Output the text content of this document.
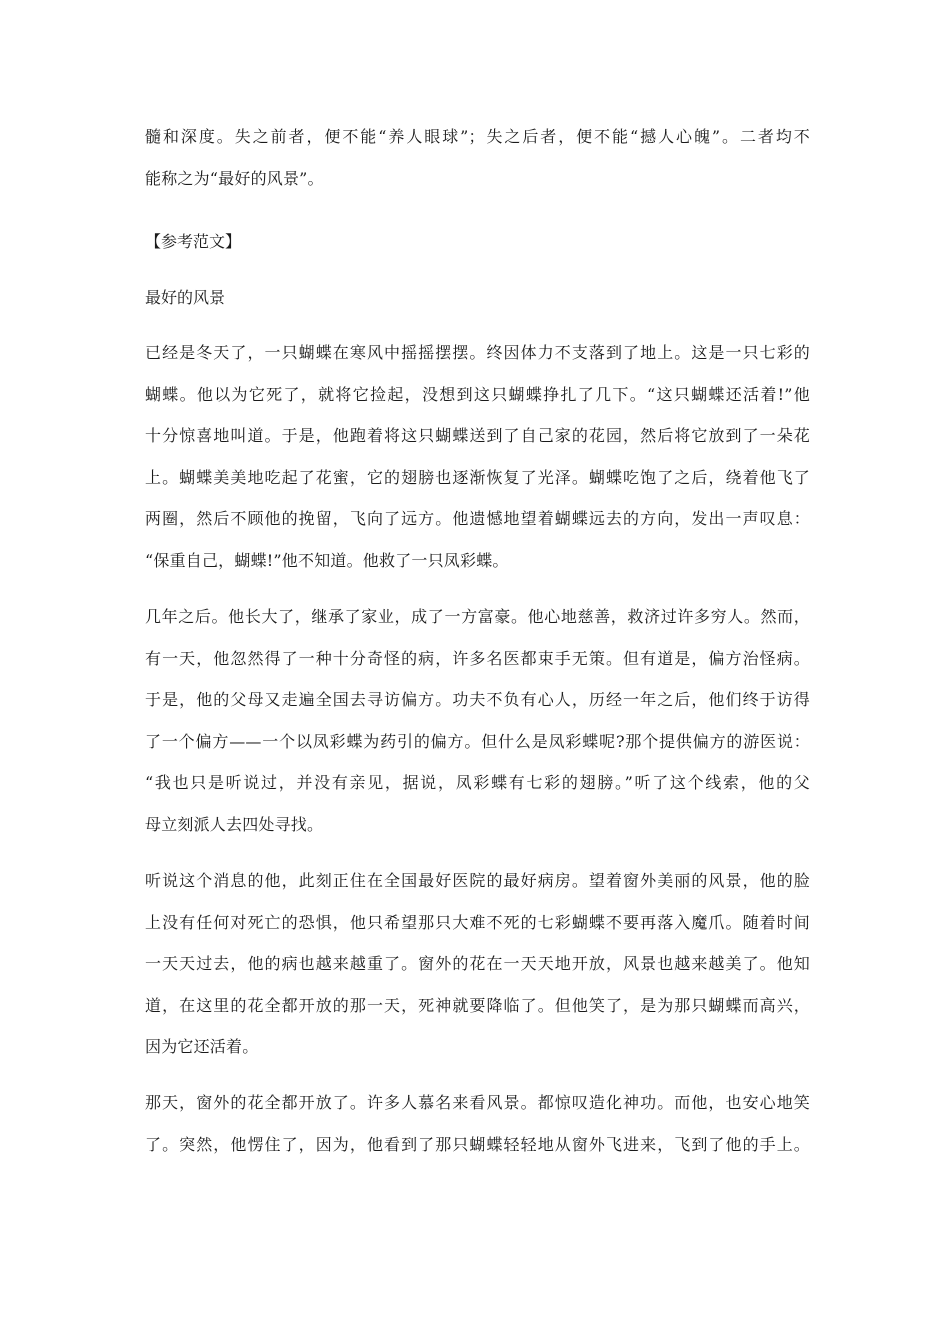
髓和深度。失之前者，便不能“养人眼球”；失之后者，便不能“撼人心魄”。二者均不
能称之为“最好的风景”。
【参考范文】
最好的风景
已经是冬天了，一只蝴蝶在寒风中摇摇摆摆。终因体力不支落到了地上。这是一只七彩的
蝴蝶。他以为它死了，就将它捡起，没想到这只蝴蝶挣扎了几下。“这只蝴蝶还活着!”他
十分惊喜地叫道。于是，他跑着将这只蝴蝶送到了自己家的花园，然后将它放到了一朵花
上。蝴蝶美美地吃起了花蜜，它的翅膀也逐渐恢复了光泽。蝴蝶吃饱了之后，绕着他飞了
两圈，然后不顾他的挽留，飞向了远方。他遗憾地望着蝴蝶远去的方向，发出一声叹息：
“保重自己，蝴蝶!”他不知道。他救了一只凤彩蝶。
几年之后。他长大了，继承了家业，成了一方富豪。他心地慈善，救济过许多穷人。然而，
有一天，他忽然得了一种十分奇怪的病，许多名医都束手无策。但有道是，偏方治怪病。
于是，他的父母又走遍全国去寻访偏方。功夫不负有心人，历经一年之后，他们终于访得
了一个偏方——一个以凤彩蝶为药引的偏方。但什么是凤彩蝶呢?那个提供偏方的游医说：
“我也只是听说过，并没有亲见，据说，凤彩蝶有七彩的翅膀。”听了这个线索，他的父
母立刻派人去四处寻找。
听说这个消息的他，此刻正住在全国最好医院的最好病房。望着窗外美丽的风景，他的脸
上没有任何对死亡的恐惧，他只希望那只大难不死的七彩蝴蝶不要再落入魔爪。随着时间
一天天过去，他的病也越来越重了。窗外的花在一天天地开放，风景也越来越美了。他知
道，在这里的花全都开放的那一天，死神就要降临了。但他笑了，是为那只蝴蝶而高兴，
因为它还活着。
那天，窗外的花全都开放了。许多人慕名来看风景。都惊叹造化神功。而他，也安心地笑
了。突然，他愣住了，因为，他看到了那只蝴蝶轻轻地从窗外飞进来，飞到了他的手上。
